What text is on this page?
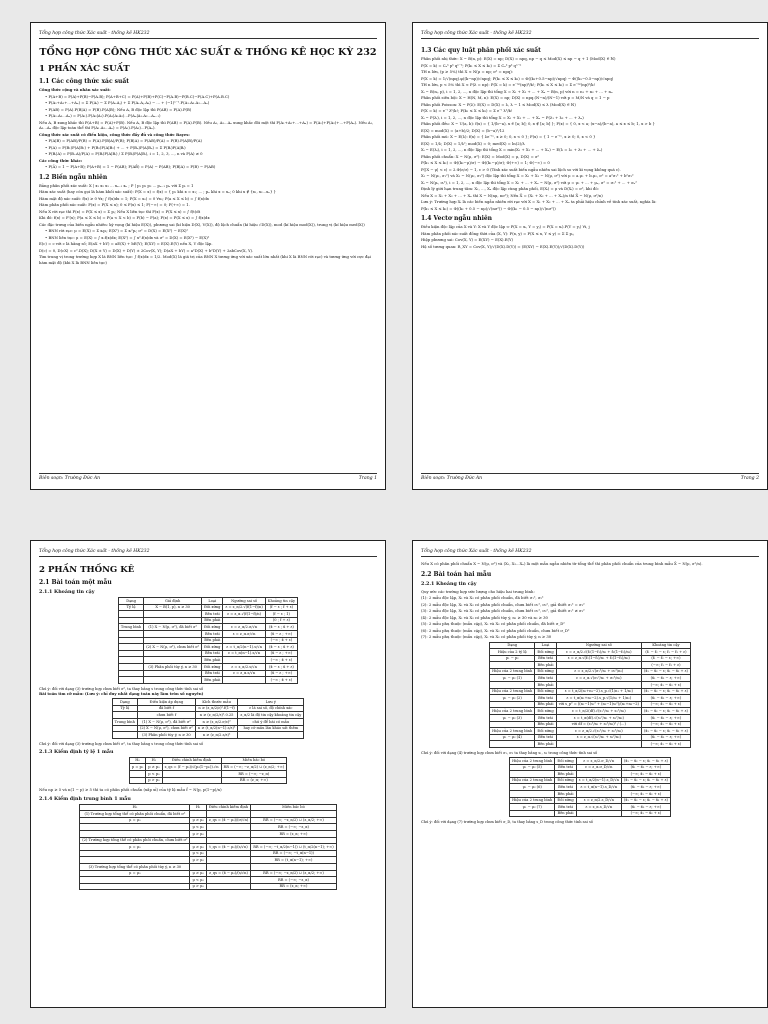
Tổng hợp công thức Xác suất - thống kê HK232
TỔNG HỢP CÔNG THỨC XÁC SUẤT & THỐNG KÊ HỌC KỲ 232
1 PHẦN XÁC SUẤT
1.1 Các công thức xác suất
Công thức cộng và nhân xác suất:
• P(A+B) = P(A)+P(B)−P(A.B); P(A+B+C) = P(A)+P(B)+P(C)−P(A.B)−P(B.C)−P(A.C)+P(A.B.C)
• P(A₁+A₂+...+Aₙ) = Σ P(Aᵢ) − Σ P(Aᵢ.Aⱼ) + Σ P(Aᵢ.Aⱼ.Aₖ) − ... + (−1)ⁿ⁻¹.P(A₁.A₂.A₃...Aₙ)
• P(AB) = P(A).P(B|A) = P(B).P(A|B); Nếu A, B độc lập thì P(AB) = P(A).P(B)
• P(A₁.A₂...Aₙ) = P(A₁).P(A₂|A₁).P(A₃|A₁A₂)...P(Aₙ|A₁.A₂...Aₙ₋₁)
Nếu A, B xung khắc thì P(A+B) = P(A)+P(B). Nếu A, B độc lập thì P(AB) = P(A).P(B). Nếu A₁, A₂...Aₙ xung khắc đôi một thì P(A₁+A₂+...+Aₙ) = P(A₁)+P(A₂)+...+P(Aₙ). Nếu A₁, A₂...Aₙ độc lập toàn thể thì P(A₁.A₂...Aₙ) = P(A₁).P(A₂)...P(Aₙ).
Công thức xác suất có điều kiện, công thức đầy đủ và công thức Bayes:
• P(A|B) = P(AB)/P(B) = P(A).P(B|A)/P(B); P(B|A) = P(AB)/P(A) = P(B).P(A|B)/P(A)
• P(A) = P(B₁)P(A|B₁) + P(B₂)P(A|B₂) + ... + P(Bₙ)P(A|Bₙ) = Σ P(Bᵢ)P(A|Bᵢ)
• P(Bᵢ|A) = P(Bᵢ.A)/P(A) = P(Bᵢ)P(A|Bᵢ) / Σ P(Bᵢ)P(A|Bᵢ), i = 1, 2, 3, ..., n và P(A) ≠ 0
Các công thức khác:
• P(Ā) = 1 − P(A+B); P(A+B) = 1 − P(AB); P(AB̄) = P(A) − P(AB); P(B|A) = P(B) − P(AB)
1.2 Biến ngẫu nhiên
Bảng phân phối xác suất: X | x₁ x₂ x₃ ... xₙ₋₁ xₙ ; P | p₁ p₂ p₃ ... pₙ₋₁ pₙ với Σ pᵢ = 1
Hàm xác suất (hay còn gọi là hàm khối xác suất): P(X = x) = f(x) = { p₁ khi x = x₁; ... ; pₙ khi x = xₙ; 0 khi x ∉ {x₁, x₂...xₙ} }
Hàm mật độ xác suất: f(x) ≥ 0 ∀x; ∫ f(x)dx = 1; P(X = x₀) = 0 ∀x₀; P(a ≤ X ≤ b) = ∫ f(x)dx
Hàm phân phối xác suất: F(x) = P(X ≤ x); 0 ≤ F(x) ≤ 1; F(−∞) = 0; F(+∞) = 1.
Nếu X rời rạc thì F(x) = P(X ≤ x) = Σ pᵢ; Nếu X liên tục thì F(x) = P(X ≤ x) = ∫ f(t)dt
Khi đó: f(x) = F′(x); P(a ≤ X ≤ b) = P(a < X < b) = F(b) − F(a); F(x) = P(X ≤ x) = ∫ f(x)dx
Các đặc trưng của biến ngẫu nhiên: kỳ vọng (kí hiệu E(X)), phương sai (kí hiệu D(X), V(X)), độ lệch chuẩn (kí hiệu √D(X)), mod (kí hiệu mod(X)), trung vị (kí hiệu med(X))
• BNN rời rạc: μ = E(X) = Σ xᵢpᵢ; E(X²) = Σ xᵢ²pᵢ; σ² = D(X) = E(X²) − E(X)²
• BNN liên tục: μ = E(X) = ∫ x.f(x)dx; E(X²) = ∫ x².f(x)dx và σ² = D(X) = E(X²) − E(X)²
E(c) = c với c là hằng số; E(aX + bY) = aE(X) + bE(Y); E(XY) = E(X).E(Y) nếu X, Y độc lập.
D(c) = 0, D(cX) = c².D(X); D(X ± Y) = D(X) + D(Y) ± 2Cov(X, Y); D(aX + bY) = a²D(X) + b²D(Y) + 2abCov(X, Y).
Tìm trung vị trong trường hợp X là BNN liên tục: ∫ f(x)dx = 1/2. Mod(X) là giá trị của BNN X tương ứng với xác suất lớn nhất (khi X là BNN rời rạc) và tương ứng với cực đại hàm mật độ (khi X là BNN liên tục)
Biên soạn: Trường Đức An	Trang 1
Tổng hợp công thức Xác suất - thống kê HK232
1.3 Các quy luật phân phối xác suất
Phân phối nhị thức: X ∼ B(n, p): E(X) = np; D(X) = npq, np − q ≤ Mod(X) ≤ np − q + 1 (Mod(X) ∈ ℕ)
P(X = k) = Cₙᵏ pᵏ qⁿ⁻ᵏ; P(k₁ ≤ X ≤ k₂) = Σ Cₙᵏ pᵏ qⁿ⁻ᵏ
TH n lớn, (p ≥ 5%) thì X ≈ N(μ = np; σ² = npq):
P(X = k) = 1/√(npq).φ((k−np)/√npq); P(k₁ ≤ X ≤ k₂) = Φ((k₂+0.5−np)/√npq) − Φ((k₁−0.5−np)/√npq)
TH n lớn, p < 5% thì X ≈ P(λ = np): P(X = k) = e⁻ⁿᵖ(np)ᵏ/k!; P(k₁ ≤ X ≤ k₂) = Σ e⁻ⁿᵖ(np)ᵏ/k!
Xᵢ ∼ B(nᵢ, p), i = 1, 2, ..., n độc lập thì tổng X = X₁ + X₂ + ... + Xₙ ∼ B(n, p) với n = n₁ + n₂ + ... + nₙ
Phân phối siêu bội: X ∼ H(N, M, n): E(X) = np; D(X) = npq.(N−n)/(N−1) với p = M/N và q = 1 − p
Phân phối Poisson: X ∼ P(λ): E(X) = D(X) = λ, λ − 1 ≤ Mod(X) ≤ λ (Mod(X) ∈ ℕ)
P(X = k) = e⁻ˡ λᵏ/k!; P(k₁ ≤ X ≤ k₂) = Σ e⁻ˡ λᵏ/k!
Xᵢ ∼ P(λᵢ), i = 1, 2, ..., n độc lập thì tổng X = X₁ + X₂ + ... + Xₙ ∼ P(λ₁ + λ₂ + ... + λₙ)
Phân phối đều: X ∼ U(a, b): f(x) = { 1/(b−a), x ∈ [a; b]; 0, x ∉ [a; b] }; F(x) = { 0, x < a; (x−a)/(b−a), a ≤ x ≤ b; 1, x > b }
E(X) = mod(X) = (a+b)/2; D(X) = (b−a)²/12
Phân phối mũ: X ∼ E(λ): f(x) = { λe⁻ˡˣ, x ≥ 0; 0, x < 0 }; F(x) = { 1 − e⁻ˡˣ, x ≥ 0; 0, x < 0 }
E(X) = 1/λ; D(X) = 1/λ²; mod(X) = 0; med(X) = ln(2)/λ
Xᵢ ∼ E(λᵢ), i = 1, 2, ..., n độc lập thì tổng X = min(X₁ + X₂ + ... + Xₙ) ∼ E(λ = λ₁ + λ₂ + ... + λₙ)
Phân phối chuẩn: X ∼ N(μ, σ²): E(X) = Mod(X) = μ, D(X) = σ²
P(k₁ ≤ X ≤ k₂) = Φ((k₂−μ)/σ) − Φ((k₁−μ)/σ); Φ(+∞) = 1; Φ(−∞) = 0
P(|X − μ| < ε) = 2.Φ(ε/σ) − 1, ε > 0 (Tính xác suất biến ngẫu nhiên sai lệch so với kì vọng không quá ε).
X₁ ∼ N(μ₁, σ₁²) và X₂ ∼ N(μ₂, σ₂²) độc lập thì tổng X = X₁ + X₂ ∼ N(μ, σ²) với μ = a.μ₁ + b.μ₂, σ² = a²σ₁² + b²σ₂²
Xᵢ ∼ N(μᵢ, σᵢ²), i = 1, 2, ..., n độc lập thì tổng X = X₁ + ... + Xₙ ∼ N(μ, σ²) với μ = μ₁ + ... + μₙ, σ² = σ₁² + ... + σₙ²
Định lý giới hạn trung tâm: X₁, ..., Xₙ độc lập cùng phân phối, E(Xᵢ) = μ và D(Xᵢ) = σ², khi đó:
Nếu X = X₁ + X₂ + ... + Xₙ thì X ∼ N(nμ, nσ²); Nếu X̄ = (X₁ + X₂ + ... + Xₙ)/n thì X̄ ∼ N(μ, σ²/n)
Lưu ý: Trường hợp Xᵢ là các biến ngẫu nhiên rời rạc với X = X₁ + X₂ + ... + Xₙ ta phải hiệu chỉnh về tính xác suất, nghĩa là:
P(k₁ ≤ X ≤ k₂) = Φ((k₂ + 0.5 − nμ)/√(nσ²)) − Φ((k₁ − 0.5 − nμ)/√(nσ²))
1.4 Vectơ ngẫu nhiên
Điều kiện độc lập của X và Y: X và Y độc lập ⇔ P(X = xᵢ, Y = yⱼ) = P(X = xᵢ).P(Y = yⱼ) ∀i, j
Hàm phân phối xác suất đồng thời của (X, Y): F(x, y) = P(X ≤ x, Y ≤ y) = Σ Σ pᵢⱼ
Hiệp phương sai: Cov(X, Y) = E(XY) − E(X).E(Y)
Hệ số tương quan: R_XY = Cov(X, Y)/√(D(X).D(Y)) = (E(XY) − E(X).E(Y))/√(D(X).D(Y))
Biên soạn: Trường Đức An	Trang 2
Tổng hợp công thức Xác suất - thống kê HK232
2 PHẦN THỐNG KÊ
2.1 Bài toán một mẫu
2.1.1 Khoảng tin cậy
Dạng	Giả định	Loại	Ngưỡng sai số	Khoảng tin cậy
Tỷ lệ	X ∼ B(1, p), n ≥ 30	Đối xứng	ε = z_α/2.√(f(1−f)/n)	(f − ε ; f + ε)
		Bên trái	ε = z_α.√(f(1−f)/n)	(f − ε ; 1)
		Bên phải		(0 ; f + ε)
Trung bình	(1) X ∼ N(μ, σ²), đã biết σ²	Đối xứng	ε = z_α/2.σ/√n	(x̄ − ε ; x̄ + ε)
		Bên trái	ε = z_α.σ/√n	(x̄ − ε ; +∞)
		Bên phải		(−∞ ; x̄ + ε)
	(2) X ∼ N(μ, σ²), chưa biết σ²	Đối xứng	ε = t_α/2(n−1).s/√n	(x̄ − ε ; x̄ + ε)
		Bên trái	ε = t_α(n−1).s/√n	(x̄ − ε ; +∞)
		Bên phải		(−∞ ; x̄ + ε)
	(3) Phân phối tùy ý, n ≥ 30	Đối xứng	ε = z_α/2.s/√n	(x̄ − ε ; x̄ + ε)
		Bên trái	ε = z_α.s/√n	(x̄ − ε ; +∞)
		Bên phải		(−∞ ; x̄ + ε)
Chú ý: đối với dạng (3) trường hợp chưa biết σ², ta thay bằng s trong công thức tính sai số
Bài toán tìm cỡ mẫu: (Lưu ý: chỉ duy nhất dạng toán này làm tròn số nguyên)
Dạng	Điều kiện áp dụng	Kích thước mẫu	Lưu ý
Tỷ lệ	đã biết f	n ≥ (z_α/2/ε)².f(1−f)	ε là sai số, độ chính xác
	chưa biết f	n ≥ (z_α/2/ε)².0.25	z_α/2 là độ tin cậy khoảng tin cậy
Trung bình	(1) X ∼ N(μ, σ²), đã biết σ²	n ≥ (z_α/2.σ/ε)²	chú ý để bài có mẫu
	(2) X ∼ N(μ, σ²), chưa biết σ²	n ≥ (t_α/2(n−1).s/ε)²	hay cỡ mẫu lần khảo sát thêm
	(3) Phân phối tùy ý, n ≥ 30	n ≥ (z_α/2.s/ε)²	
Chú ý: đối với dạng (3) trường hợp chưa biết σ², ta thay bằng s trong công thức tính sai số
2.1.3 Kiểm định tỷ lệ 1 mẫu
H₀	H₁	Điều chỉnh kiểm định	Miền bác bỏ
p = p₀	p ≠ p₀	z_qs = (f − p₀)/√(p₀(1−p₀)).√n	RR = (−∞; −z_α/2) ∪ (z_α/2; +∞)
	p < p₀		RR = (−∞; −z_α)
	p > p₀		RR = (z_α; +∞)
Nếu np ≥ 5 và n(1 − p) ≥ 5 thì ta có phân phối chuẩn (xấp xỉ) của tỷ lệ mẫu f̂ ∼ N(p, p(1−p)/n)
2.1.4 Kiểm định trung bình 1 mẫu
H₀	H₁	Điều chỉnh kiểm định	Miền bác bỏ
(1) Trường hợp tổng thể có phân phối chuẩn, đã biết σ²			
μ = μ₀	μ ≠ μ₀	z_qs = (x̄ − μ₀)/(σ/√n)	RR = (−∞; −z_α/2) ∪ (z_α/2; +∞)
	μ < μ₀		RR = (−∞; −z_α)
	μ > μ₀		RR = (z_α; +∞)
(2) Trường hợp tổng thể có phân phối chuẩn, chưa biết σ²			
μ = μ₀	μ ≠ μ₀	t_qs = (x̄ − μ₀)/(s/√n)	RR = (−∞; −t_α/2(n−1)) ∪ (t_α/2(n−1); +∞)
	μ < μ₀		RR = (−∞; −t_α(n−1))
	μ > μ₀		RR = (t_α(n−1); +∞)
(3) Trường hợp tổng thể có phân phối tùy ý, n ≥ 30			
μ = μ₀	μ ≠ μ₀	z_qs = (x̄ − μ₀)/(s/√n)	RR = (−∞; −z_α/2) ∪ (z_α/2; +∞)
	μ < μ₀		RR = (−∞; −z_α)
	μ > μ₀		RR = (z_α; +∞)
Tổng hợp công thức Xác suất - thống kê HK232
Nếu X có phân phối chuẩn X ∼ N(μ, σ²) và (X₁, X₂...Xₙ) là một mẫu ngẫu nhiên từ tổng thể thì phân phối chuẩn của trung bình mẫu X̄ ∼ N(μ, σ²/n).
2.2 Bài toán hai mẫu
2.2.1 Khoảng tin cậy
Quy ước các trường hợp ước lượng cho hiệu hai trung bình:
(1): 2 mẫu độc lập, X₁ và X₂ có phân phối chuẩn, đã biết σ₁², σ₂²
(2): 2 mẫu độc lập, X₁ và X₂ có phân phối chuẩn, chưa biết σ₁², σ₂², giả thiết σ₁² = σ₂²
(3): 2 mẫu độc lập, X₁ và X₂ có phân phối chuẩn, chưa biết σ₁², σ₂², giả thiết σ₁² ≠ σ₂²
(4): 2 mẫu độc lập, X₁ và X₂ có phân phối tùy ý, n₁ ≥ 30 và n₂ ≥ 30
(5): 2 mẫu phụ thuộc (mẫu cặp), X₁ và X₂ có phân phối chuẩn, đã biết σ_D²
(6): 2 mẫu phụ thuộc (mẫu cặp), X₁ và X₂ có phân phối chuẩn, chưa biết σ_D²
(7): 2 mẫu phụ thuộc (mẫu cặp), X₁ và X₂ có phân phối tùy ý, n ≥ 30
Dạng	Loại	Ngưỡng sai số	Khoảng tin cậy
Hiệu của 2 tỷ lệ	Đối xứng	ε = z_α/2.√(f₁(1−f₁)/n₁ + f₂(1−f₂)/n₂)	(f₁ − f₂ − ε; f₁ − f₂ + ε)
p₁ − p₂	Bên trái	ε = z_α.√(f₁(1−f₁)/n₁ + f₂(1−f₂)/n₂)	(f₁ − f₂ − ε; +∞)
	Bên phải		(−∞; f₁ − f₂ + ε)
Hiệu của 2 trung bình	Đối xứng	ε = z_α/2.√(σ₁²/n₁ + σ₂²/n₂)	(x̄₁ − x̄₂ − ε; x̄₁ − x̄₂ + ε)
μ₁ − μ₂ (1)	Bên trái	ε = z_α.√(σ₁²/n₁ + σ₂²/n₂)	(x̄₁ − x̄₂ − ε; +∞)
	Bên phải		(−∞; x̄₁ − x̄₂ + ε)
Hiệu của 2 trung bình	Đối xứng	ε = t_α/2(n₁+n₂−2).s_p.√(1/n₁ + 1/n₂)	(x̄₁ − x̄₂ − ε; x̄₁ − x̄₂ + ε)
μ₁ − μ₂ (2)	Bên trái	ε = t_α(n₁+n₂−2).s_p.√(1/n₁ + 1/n₂)	(x̄₁ − x̄₂ − ε; +∞)
	Bên phải	với s_p² = ((n₁−1)s₁² + (n₂−1)s₂²)/(n₁+n₂−2)	(−∞; x̄₁ − x̄₂ + ε)
Hiệu của 2 trung bình	Đối xứng	ε = t_α/2(df).√(s₁²/n₁ + s₂²/n₂)	(x̄₁ − x̄₂ − ε; x̄₁ − x̄₂ + ε)
μ₁ − μ₂ (3)	Bên trái	ε = t_α(df).√(s₁²/n₁ + s₂²/n₂)	(x̄₁ − x̄₂ − ε; +∞)
	Bên phải	với df = (s₁²/n₁ + s₂²/n₂)² / (...)	(−∞; x̄₁ − x̄₂ + ε)
Hiệu của 2 trung bình	Đối xứng	ε = z_α/2.√(s₁²/n₁ + s₂²/n₂)	(x̄₁ − x̄₂ − ε; x̄₁ − x̄₂ + ε)
μ₁ − μ₂ (4)	Bên trái	ε = z_α.√(s₁²/n₁ + s₂²/n₂)	(x̄₁ − x̄₂ − ε; +∞)
	Bên phải		(−∞; x̄₁ − x̄₂ + ε)
Chú ý: đối với dạng (4) trường hợp chưa biết σ₁, σ₂ ta thay bằng s₁, s₂ trong công thức tính sai số
Hiệu của 2 trung bình	Đối xứng	ε = z_α/2.σ_D/√n	(x̄₁ − x̄₂ − ε; x̄₁ − x̄₂ + ε)
μ₁ − μ₂ (5)	Bên trái	ε = z_α.σ_D/√n	(x̄₁ − x̄₂ − ε; +∞)
	Bên phải		(−∞; x̄₁ − x̄₂ + ε)
Hiệu của 2 trung bình	Đối xứng	ε = t_α/2(n−1).s_D/√n	(x̄₁ − x̄₂ − ε; x̄₁ − x̄₂ + ε)
μ₁ − μ₂ (6)	Bên trái	ε = t_α(n−1).s_D/√n	(x̄₁ − x̄₂ − ε; +∞)
	Bên phải		(−∞; x̄₁ − x̄₂ + ε)
Hiệu của 2 trung bình	Đối xứng	ε = z_α/2.s_D/√n	(x̄₁ − x̄₂ − ε; x̄₁ − x̄₂ + ε)
μ₁ − μ₂ (7)	Bên trái	ε = z_α.s_D/√n	(x̄₁ − x̄₂ − ε; +∞)
	Bên phải		(−∞; x̄₁ − x̄₂ + ε)
Chú ý: đối với dạng (7) trường hợp chưa biết σ_D, ta thay bằng s_D trong công thức tính sai số
